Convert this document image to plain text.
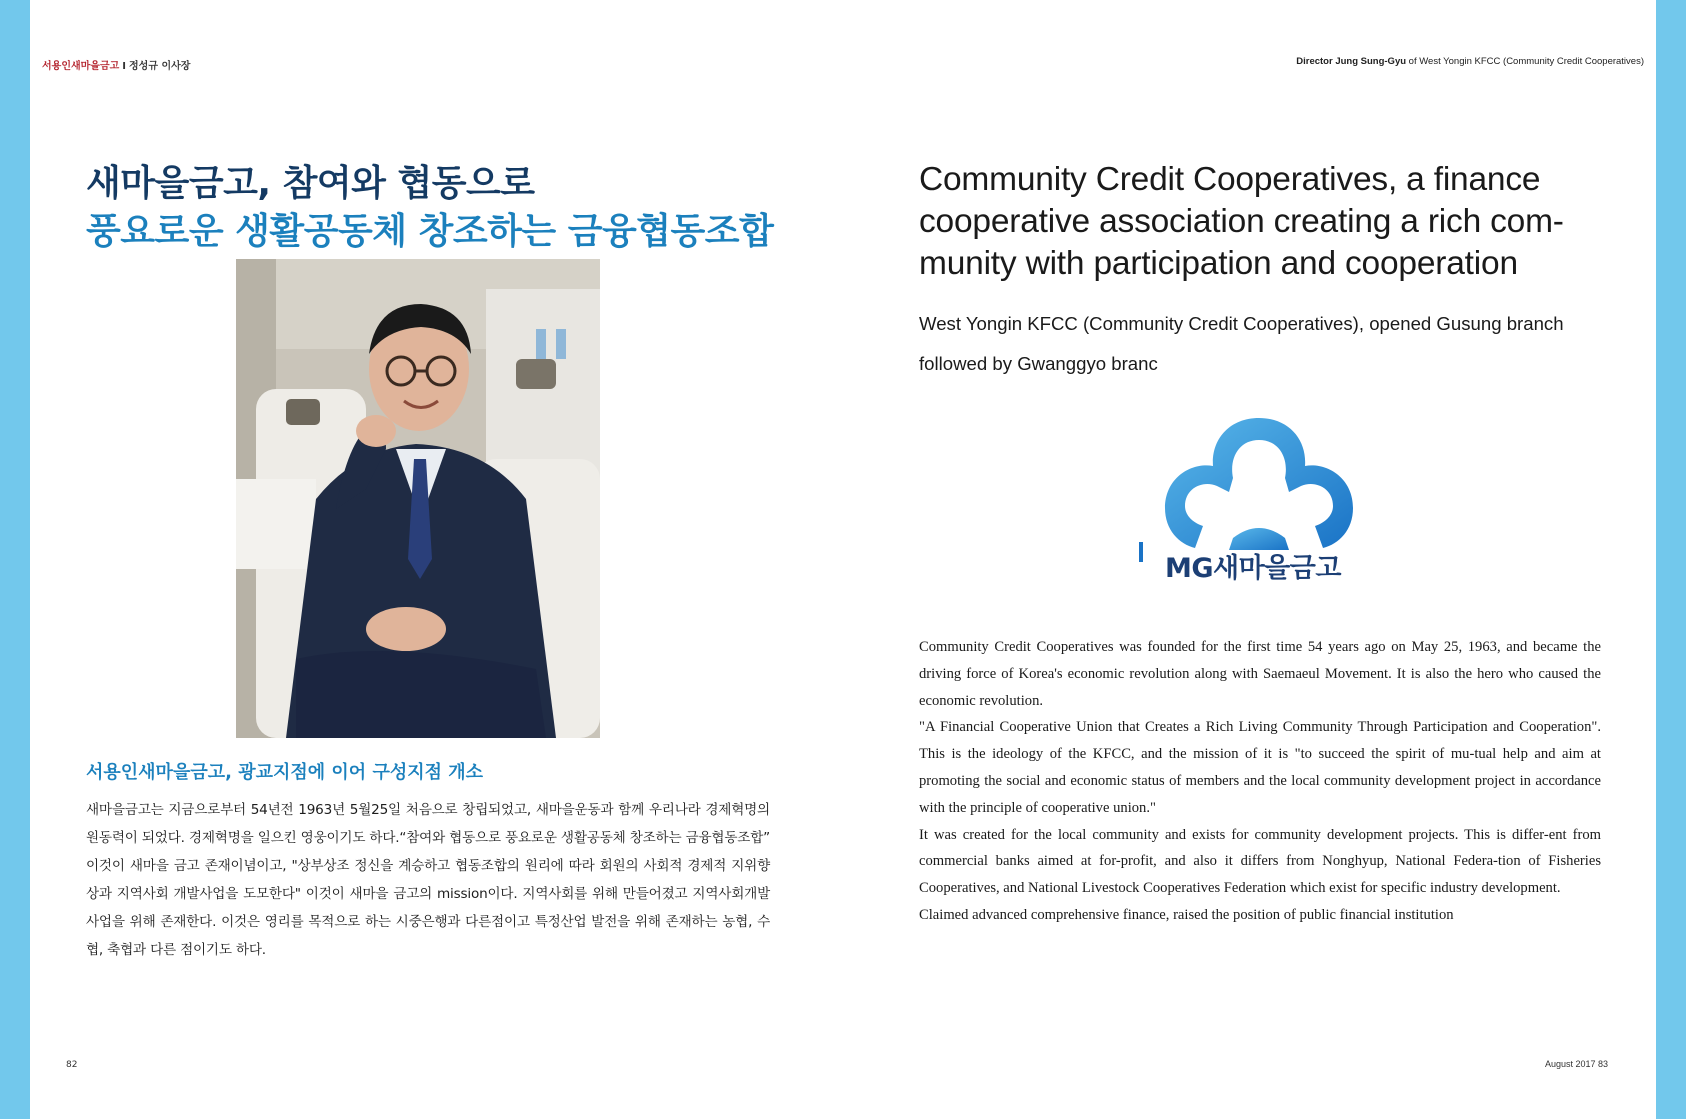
서용인새마을금고 I 정성규 이사장	Director Jung Sung-Gyu of West Yongin KFCC (Community Credit Cooperatives)
새마을금고, 참여와 협동으로
풍요로운 생활공동체 창조하는 금융협동조합
서용인새마을금고, 광교지점에 이어 구성지점 개소
새마을금고는 지금으로부터 54년전 1963년 5월25일 처음으로 창립되었고, 새마을운동과 함께 우리나라 경제혁명의 원동력이 되었다. 경제혁명을 일으킨 영웅이기도 하다.“참여와 협동으로 풍요로운 생활공동체 창조하는 금융협동조합” 이것이 새마을 금고 존재이념이고, "상부상조 정신을 계승하고 협동조합의 원리에 따라 회원의 사회적 경제적 지위향상과 지역사회 개발사업을 도모한다" 이것이 새마을 금고의 mission이다. 지역사회를 위해 만들어졌고 지역사회개발사업을 위해 존재한다. 이것은 영리를 목적으로 하는 시중은행과 다른점이고 특정산업 발전을 위해 존재하는 농협, 수협, 축협과 다른 점이기도 하다.
Community Credit Cooperatives, a finance cooperative association creating a rich com-munity with participation and cooperation
West Yongin KFCC (Community Credit Cooperatives), opened Gusung branch followed by Gwanggyo branc
MG새마을금고

Community Credit Cooperatives was founded for the first time 54 years ago on May 25, 1963, and became the driving force of Korea's economic revolution along with Saemaeul Movement. It is also the hero who caused the economic revolution.

"A Financial Cooperative Union that Creates a Rich Living Community Through Participation and Cooperation". This is the ideology of the KFCC, and the mission of it is "to succeed the spirit of mu-tual help and aim at promoting the social and economic status of members and the local community development project in accordance with the principle of cooperative union."

It was created for the local community and exists for community development projects. This is differ-ent from commercial banks aimed at for-profit, and also it differs from Nonghyup, National Federa-tion of Fisheries Cooperatives, and National Livestock Cooperatives Federation which exist for specific industry development.

Claimed advanced comprehensive finance, raised the position of public financial institution

82	August 2017 83
